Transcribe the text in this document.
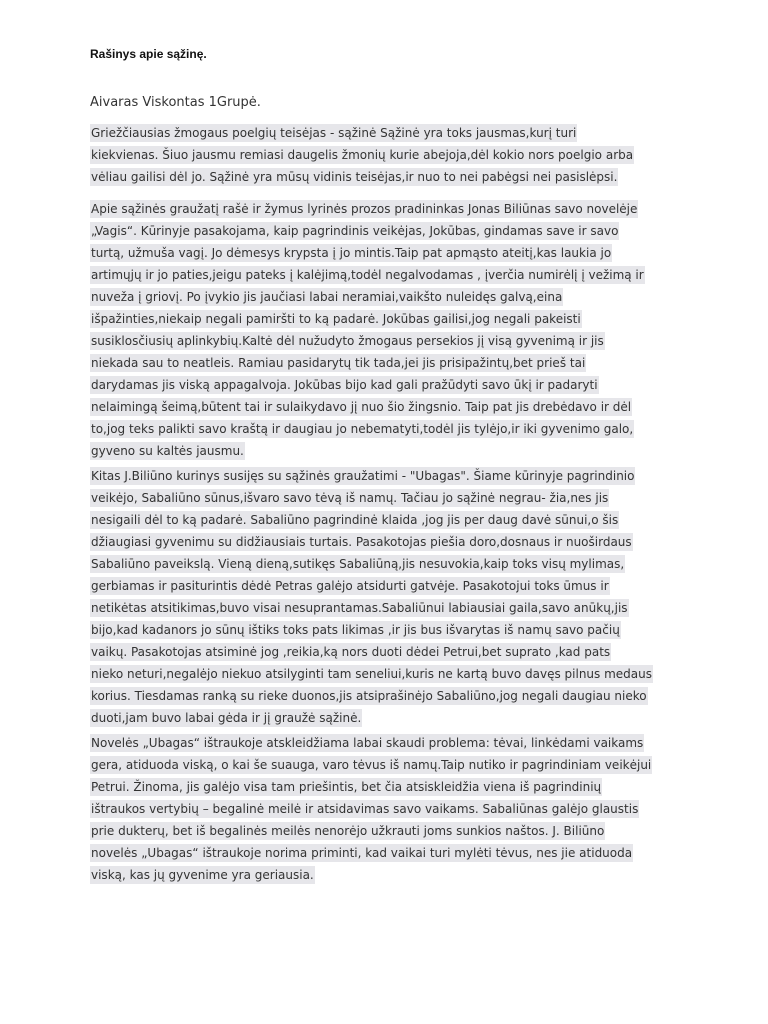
Rašinys apie sąžinę.
Aivaras Viskontas 1Grupė.
Griežčiausias žmogaus poelgių teisėjas - sąžinė Sąžinė yra toks jausmas,kurį turi
kiekvienas. Šiuo jausmu remiasi daugelis žmonių kurie abejoja,dėl kokio nors poelgio arba
vėliau gailisi dėl jo. Sąžinė yra mūsų vidinis teisėjas,ir nuo to nei pabėgsi nei pasislėpsi.
Apie sąžinės graužatį rašė ir žymus lyrinės prozos pradininkas Jonas Biliūnas savo novelėje
„Vagis“. Kūrinyje pasakojama, kaip pagrindinis veikėjas, Jokūbas, gindamas save ir savo
turtą, užmuša vagį. Jo dėmesys krypsta į jo mintis.Taip pat apmąsto ateitį,kas laukia jo
artimųjų ir jo paties,jeigu pateks į kalėjimą,todėl negalvodamas , įverčia numirėlį į vežimą ir
nuveža į griovį. Po įvykio jis jaučiasi labai neramiai,vaikšto nuleidęs galvą,eina
išpažinties,niekaip negali pamiršti to ką padarė. Jokūbas gailisi,jog negali pakeisti
susiklosčiusių aplinkybių.Kaltė dėl nužudyto žmogaus persekios jį visą gyvenimą ir jis
niekada sau to neatleis. Ramiau pasidarytų tik tada,jei jis prisipažintų,bet prieš tai
darydamas jis viską appagalvoja. Jokūbas bijo kad gali pražūdyti savo ūkį ir padaryti
nelaimingą šeimą,būtent tai ir sulaikydavo jį nuo šio žingsnio. Taip pat jis drebėdavo ir dėl
to,jog teks palikti savo kraštą ir daugiau jo nebematyti,todėl jis tylėjo,ir iki gyvenimo galo,
gyveno su kaltės jausmu.
Kitas J.Biliūno kurinys susijęs su sąžinės graužatimi - "Ubagas". Šiame kūrinyje pagrindinio
veikėjo, Sabaliūno sūnus,išvaro savo tėvą iš namų. Tačiau jo sąžinė negrau- žia,nes jis
nesigaili dėl to ką padarė. Sabaliūno pagrindinė klaida ,jog jis per daug davė sūnui,o šis
džiaugiasi gyvenimu su didžiausiais turtais. Pasakotojas piešia doro,dosnaus ir nuoširdaus
Sabaliūno paveikslą. Vieną dieną,sutikęs Sabaliūną,jis nesuvokia,kaip toks visų mylimas,
gerbiamas ir pasiturintis dėdė Petras galėjo atsidurti gatvėje. Pasakotojui toks ūmus ir
netikėtas atsitikimas,buvo visai nesuprantamas.Sabaliūnui labiausiai gaila,savo anūkų,jis
bijo,kad kadanors jo sūnų ištiks toks pats likimas ,ir jis bus išvarytas iš namų savo pačių
vaikų. Pasakotojas atsiminė jog ,reikia,ką nors duoti dėdei Petrui,bet suprato ,kad pats
nieko neturi,negalėjo niekuo atsilyginti tam seneliui,kuris ne kartą buvo davęs pilnus medaus
korius. Tiesdamas ranką su rieke duonos,jis atsiprašinėjo Sabaliūno,jog negali daugiau nieko
duoti,jam buvo labai gėda ir jį graužė sąžinė.
Novelės „Ubagas“ ištraukoje atskleidžiama labai skaudi problema: tėvai, linkėdami vaikams
gera, atiduoda viską, o kai še suauga, varo tėvus iš namų.Taip nutiko ir pagrindiniam veikėjui
Petrui. Žinoma, jis galėjo visa tam priešintis, bet čia atsiskleidžia viena iš pagrindinių
ištraukos vertybių – begalinė meilė ir atsidavimas savo vaikams. Sabaliūnas galėjo glaustis
prie dukterų, bet iš begalinės meilės nenorėjo užkrauti joms sunkios naštos. J. Biliūno
novelės „Ubagas“ ištraukoje norima priminti, kad vaikai turi mylėti tėvus, nes jie atiduoda
viską, kas jų gyvenime yra geriausia.
